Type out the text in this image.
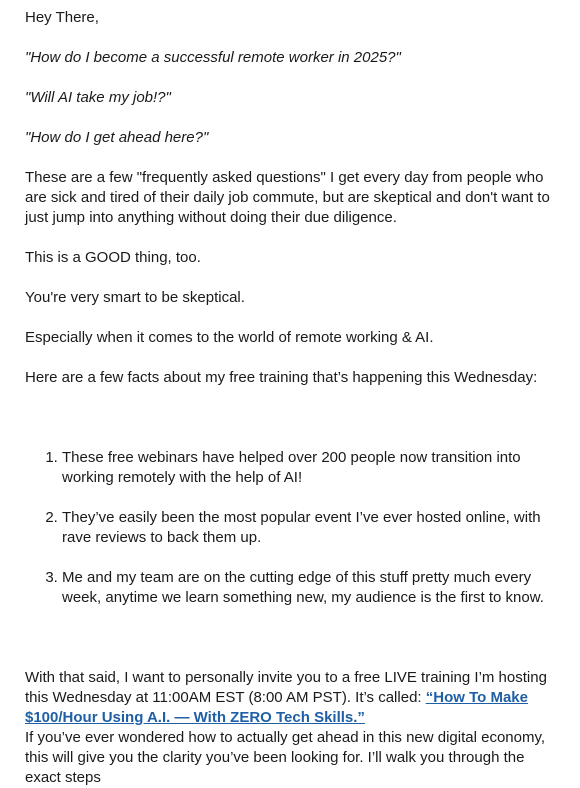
Hey There,

"How do I become a successful remote worker in 2025?"

"Will AI take my job!?"

"How do I get ahead here?"

These are a few "frequently asked questions" I get every day from people who are sick and tired of their daily job commute, but are skeptical and don't want to just jump into anything without doing their due diligence.

This is a GOOD thing, too.

You're very smart to be skeptical.

Especially when it comes to the world of remote working & AI.

Here are a few facts about my free training that’s happening this Wednesday:

1. These free webinars have helped over 200 people now transition into working remotely with the help of AI!
2. They’ve easily been the most popular event I’ve ever hosted online, with rave reviews to back them up.
3. Me and my team are on the cutting edge of this stuff pretty much every week, anytime we learn something new, my audience is the first to know.

With that said, I want to personally invite you to a free LIVE training I’m hosting this Wednesday at 11:00AM EST (8:00 AM PST). It’s called: “How To Make $100/Hour Using A.I. — With ZERO Tech Skills.”

If you’ve ever wondered how to actually get ahead in this new digital economy, this will give you the clarity you’ve been looking for. I’ll walk you through the exact steps
